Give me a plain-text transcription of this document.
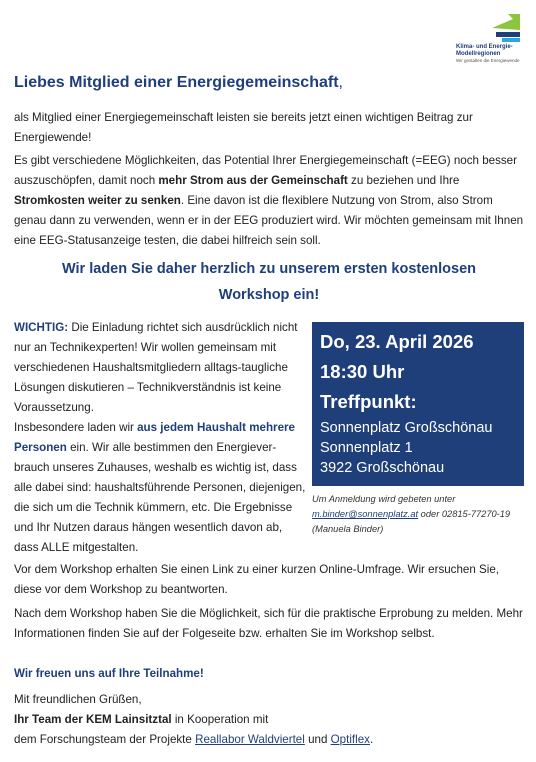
Klima- und Energie-
Modellregionen
Wir gestalten die Energiewende
Liebes Mitglied einer Energiegemeinschaft,

als Mitglied einer Energiegemeinschaft leisten sie bereits jetzt einen wichtigen Beitrag zur Energiewende!

Es gibt verschiedene Möglichkeiten, das Potential Ihrer Energiegemeinschaft (=EEG) noch besser auszuschöpfen, damit noch mehr Strom aus der Gemeinschaft zu beziehen und Ihre Stromkosten weiter zu senken. Eine davon ist die flexiblere Nutzung von Strom, also Strom genau dann zu verwenden, wenn er in der EEG produziert wird. Wir möchten gemeinsam mit Ihnen eine EEG-Statusanzeige testen, die dabei hilfreich sein soll.

Wir laden Sie daher herzlich zu unserem ersten kostenlosen

Workshop ein!

WICHTIG: Die Einladung richtet sich ausdrücklich nicht nur an Technikexperten! Wir wollen gemeinsam mit verschiedenen Haushaltsmitgliedern alltags-taugliche Lösungen diskutieren – Technikverständnis ist keine Voraussetzung.

Insbesondere laden wir aus jedem Haushalt mehrere Personen ein. Wir alle bestimmen den Energiever-brauch unseres Zuhauses, weshalb es wichtig ist, dass alle dabei sind: haushaltsführende Personen, diejenigen, die sich um die Technik kümmern, etc. Die Ergebnisse und Ihr Nutzen daraus hängen wesentlich davon ab, dass ALLE mitgestalten.

Do, 23. April 2026
18:30 Uhr
Treffpunkt:
Sonnenplatz Großschönau
Sonnenplatz 1
3922 Großschönau
Um Anmeldung wird gebeten unter
m.binder@sonnenplatz.at oder 02815-77270-19
(Manuela Binder)

Vor dem Workshop erhalten Sie einen Link zu einer kurzen Online-Umfrage. Wir ersuchen Sie, diese vor dem Workshop zu beantworten.

Nach dem Workshop haben Sie die Möglichkeit, sich für die praktische Erprobung zu melden. Mehr Informationen finden Sie auf der Folgeseite bzw. erhalten Sie im Workshop selbst.

Wir freuen uns auf Ihre Teilnahme!

Mit freundlichen Grüßen,

Ihr Team der KEM Lainsitztal in Kooperation mit

dem Forschungsteam der Projekte Reallabor Waldviertel und Optiflex.
